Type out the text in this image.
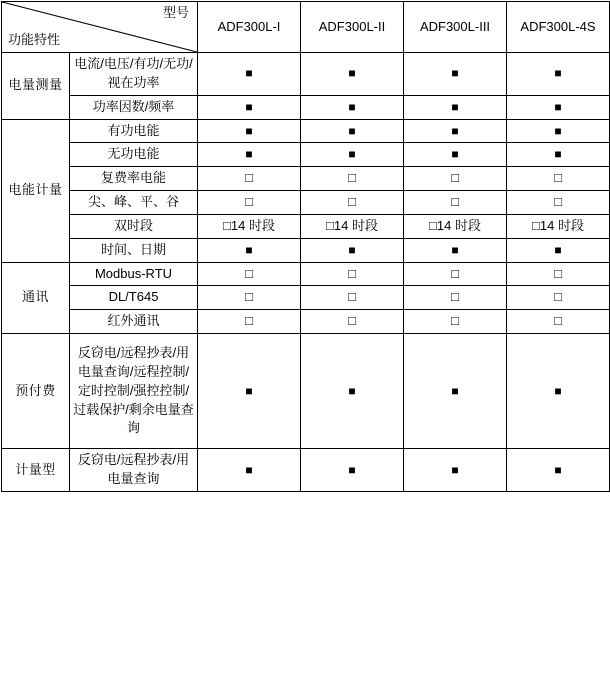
型号
功能特性		ADF300L-I	ADF300L-II	ADF300L-III	ADF300L-4S
电量测量	电流/电压/有功/无功/视在功率	■	■	■	■
	功率因数/频率	■	■	■	■
电能计量	有功电能	■	■	■	■
	无功电能	■	■	■	■
	复费率电能	□	□	□	□
	尖、峰、平、谷	□	□	□	□
	双时段	□14 时段	□14 时段	□14 时段	□14 时段
	时间、日期	■	■	■	■
通讯	Modbus-RTU	□	□	□	□
	DL/T645	□	□	□	□
	红外通讯	□	□	□	□
预付费	反窃电/远程抄表/用电量查询/远程控制/定时控制/强控控制/过载保护/剩余电量查询	■	■	■	■
计量型	反窃电/远程抄表/用电量查询	■	■	■	■
